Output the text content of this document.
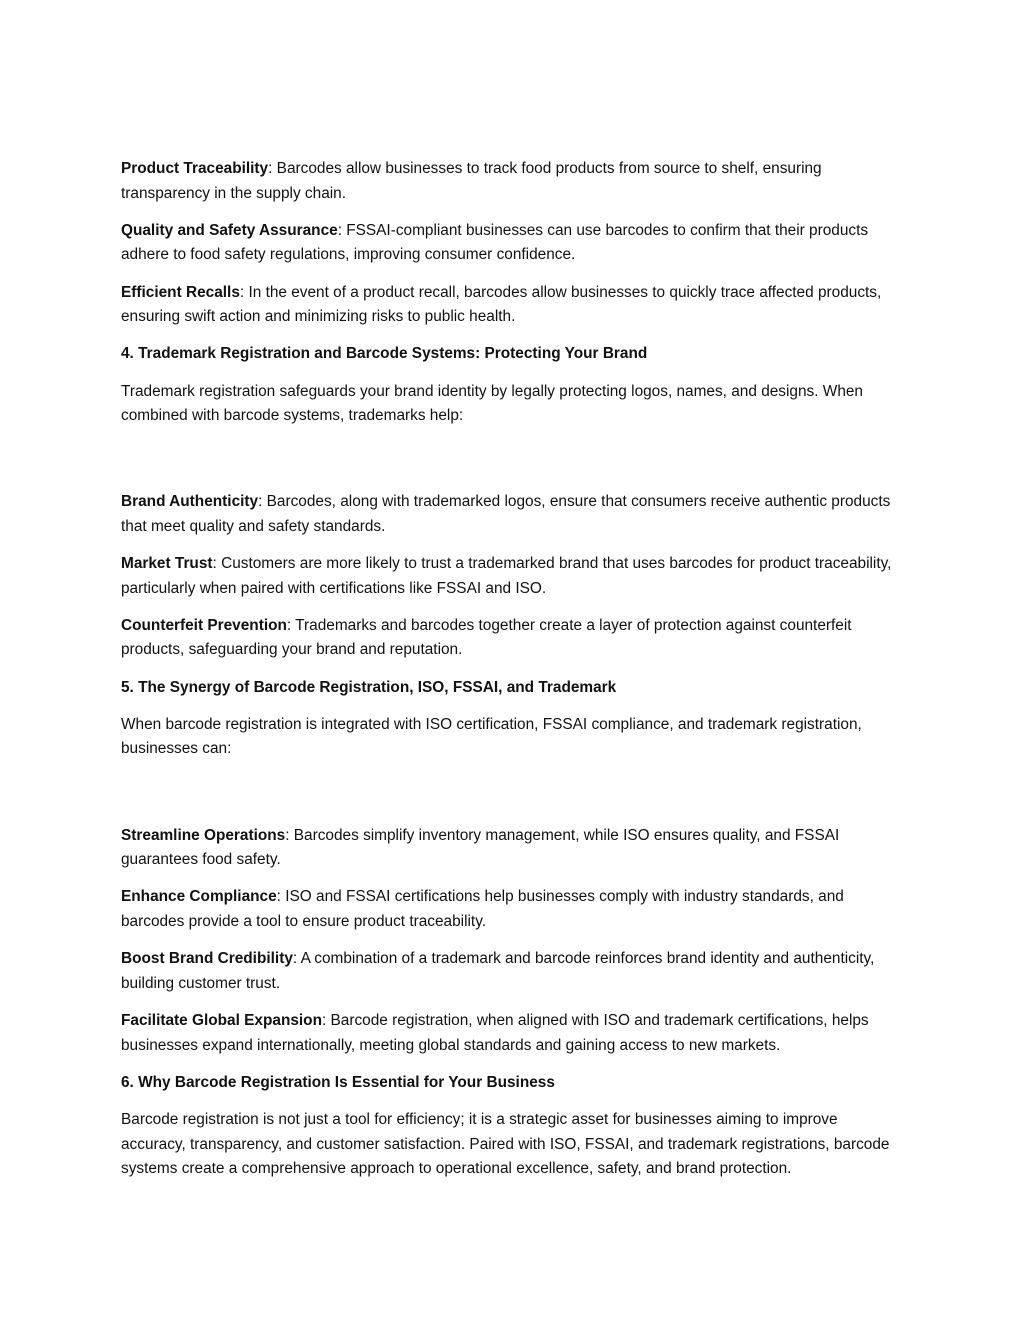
Product Traceability: Barcodes allow businesses to track food products from source to shelf, ensuring transparency in the supply chain.

Quality and Safety Assurance: FSSAI-compliant businesses can use barcodes to confirm that their products adhere to food safety regulations, improving consumer confidence.

Efficient Recalls: In the event of a product recall, barcodes allow businesses to quickly trace affected products, ensuring swift action and minimizing risks to public health.

4. Trademark Registration and Barcode Systems: Protecting Your Brand

Trademark registration safeguards your brand identity by legally protecting logos, names, and designs. When combined with barcode systems, trademarks help:

Brand Authenticity: Barcodes, along with trademarked logos, ensure that consumers receive authentic products that meet quality and safety standards.

Market Trust: Customers are more likely to trust a trademarked brand that uses barcodes for product traceability, particularly when paired with certifications like FSSAI and ISO.

Counterfeit Prevention: Trademarks and barcodes together create a layer of protection against counterfeit products, safeguarding your brand and reputation.

5. The Synergy of Barcode Registration, ISO, FSSAI, and Trademark

When barcode registration is integrated with ISO certification, FSSAI compliance, and trademark registration, businesses can:

Streamline Operations: Barcodes simplify inventory management, while ISO ensures quality, and FSSAI guarantees food safety.

Enhance Compliance: ISO and FSSAI certifications help businesses comply with industry standards, and barcodes provide a tool to ensure product traceability.

Boost Brand Credibility: A combination of a trademark and barcode reinforces brand identity and authenticity, building customer trust.

Facilitate Global Expansion: Barcode registration, when aligned with ISO and trademark certifications, helps businesses expand internationally, meeting global standards and gaining access to new markets.

6. Why Barcode Registration Is Essential for Your Business

Barcode registration is not just a tool for efficiency; it is a strategic asset for businesses aiming to improve accuracy, transparency, and customer satisfaction. Paired with ISO, FSSAI, and trademark registrations, barcode systems create a comprehensive approach to operational excellence, safety, and brand protection.
